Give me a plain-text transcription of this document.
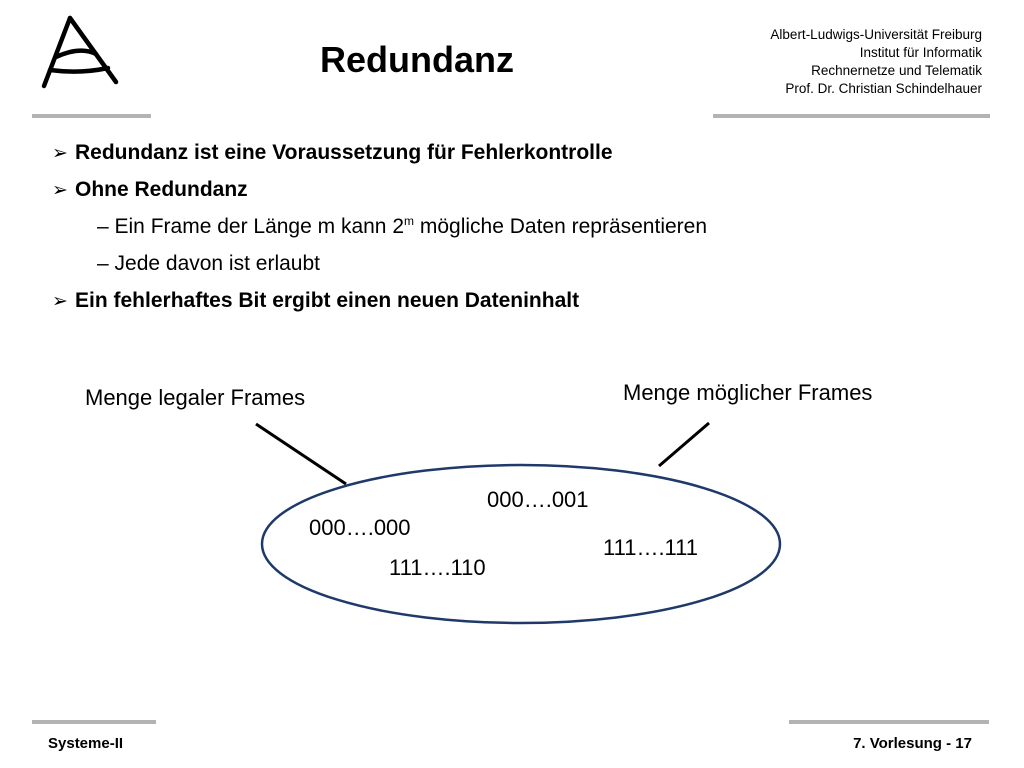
Redundanz
Albert-Ludwigs-Universität Freiburg
Institut für Informatik
Rechnernetze und Telematik
Prof. Dr. Christian Schindelhauer
➢ Redundanz ist eine Voraussetzung für Fehlerkontrolle
➢ Ohne Redundanz
– Ein Frame der Länge m kann 2$^m$ mögliche Daten repräsentieren
– Jede davon ist erlaubt
➢ Ein fehlerhaftes Bit ergibt einen neuen Dateninhalt
Menge legaler Frames	Menge möglicher Frames
000….001
000….000
111….111
111….110
Systeme-II	7. Vorlesung - 17
